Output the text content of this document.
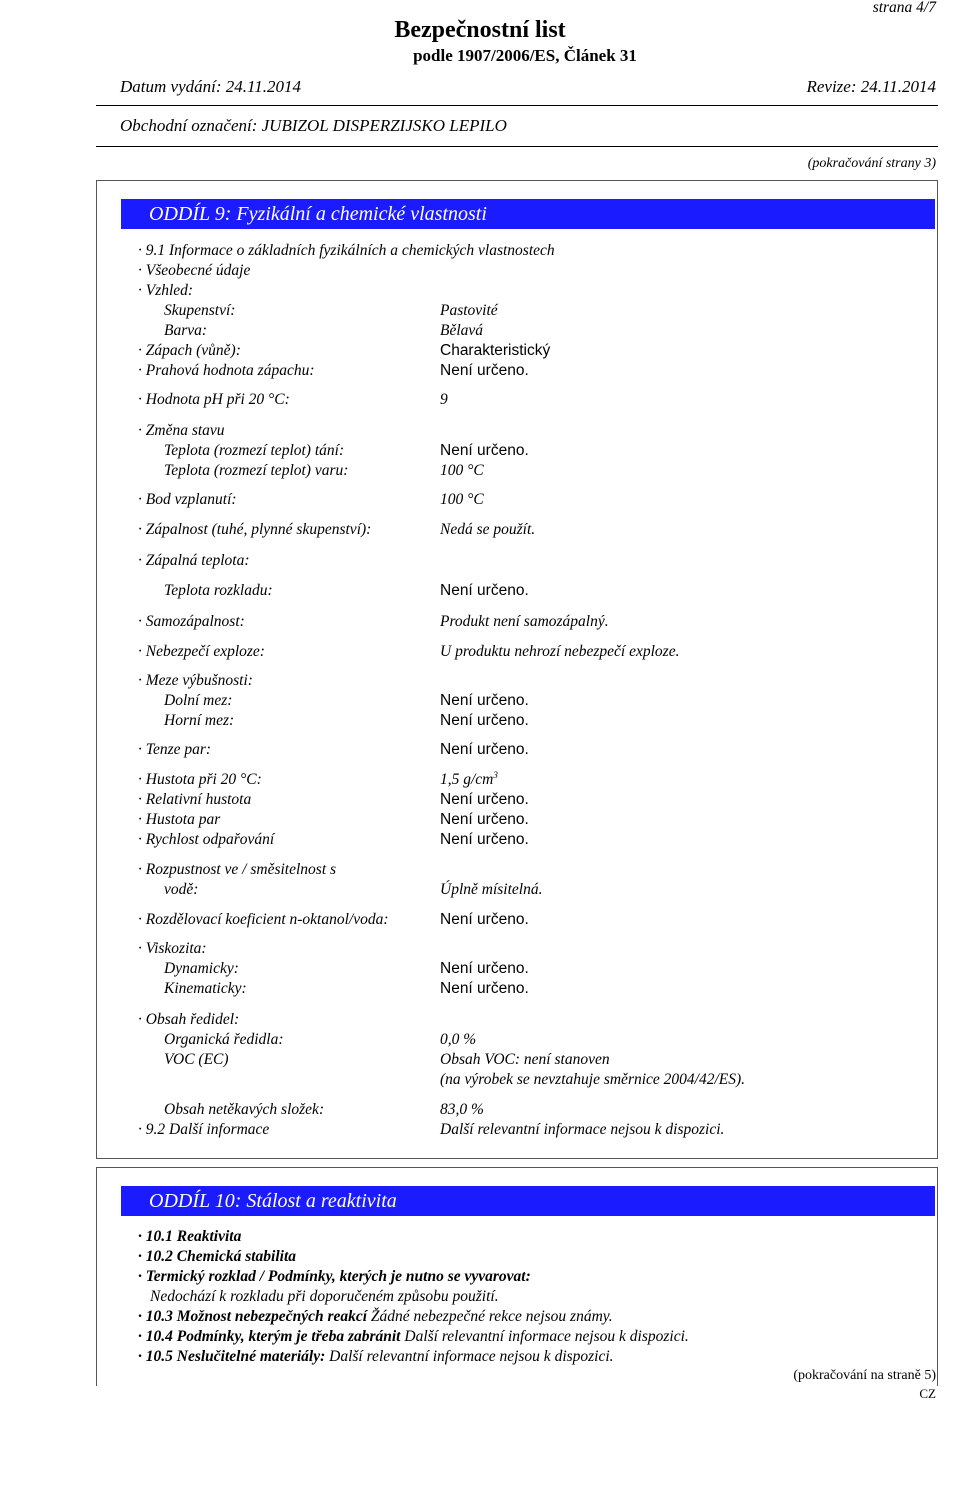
strana 4/7
Bezpečnostní list
podle 1907/2006/ES, Článek 31
Datum vydání: 24.11.2014	Revize: 24.11.2014
Obchodní označení: JUBIZOL DISPERZIJSKO LEPILO
(pokračování strany 3)
ODDÍL 9: Fyzikální a chemické vlastnosti
· 9.1 Informace o základních fyzikálních a chemických vlastnostech
· Všeobecné údaje
· Vzhled:
Skupenství:	Pastovité
Barva:	Bělavá
· Zápach (vůně):	Charakteristický
· Prahová hodnota zápachu:	Není určeno.
· Hodnota pH při 20 °C:	9
· Změna stavu
Teplota (rozmezí teplot) tání:	Není určeno.
Teplota (rozmezí teplot) varu:	100 °C
· Bod vzplanutí:	100 °C
· Zápalnost (tuhé, plynné skupenství):	Nedá se použít.
· Zápalná teplota:
Teplota rozkladu:	Není určeno.
· Samozápalnost:	Produkt není samozápalný.
· Nebezpečí exploze:	U produktu nehrozí nebezpečí exploze.
· Meze výbušnosti:
Dolní mez:	Není určeno.
Horní mez:	Není určeno.
· Tenze par:	Není určeno.
· Hustota při 20 °C:	1,5 $g/cm^3$
· Relativní hustota	Není určeno.
· Hustota par	Není určeno.
· Rychlost odpařování	Není určeno.
· Rozpustnost ve / směsitelnost s
vodě:	Úplně mísitelná.
· Rozdělovací koeficient n-oktanol/voda:	Není určeno.
· Viskozita:
Dynamicky:	Není určeno.
Kinematicky:	Není určeno.
· Obsah ředidel:
Organická ředidla:	0,0 %
VOC (EC)	Obsah VOC: není stanoven
(na výrobek se nevztahuje směrnice 2004/42/ES).
Obsah netěkavých složek:	83,0 %
· 9.2 Další informace	Další relevantní informace nejsou k dispozici.
ODDÍL 10: Stálost a reaktivita
· 10.1 Reaktivita
· 10.2 Chemická stabilita
· Termický rozklad / Podmínky, kterých je nutno se vyvarovat:
Nedochází k rozkladu při doporučeném způsobu použití.
· 10.3 Možnost nebezpečných reakcí Žádné nebezpečné rekce nejsou známy.
· 10.4 Podmínky, kterým je třeba zabránit Další relevantní informace nejsou k dispozici.
· 10.5 Neslučitelné materiály: Další relevantní informace nejsou k dispozici.
(pokračování na straně 5)
CZ
